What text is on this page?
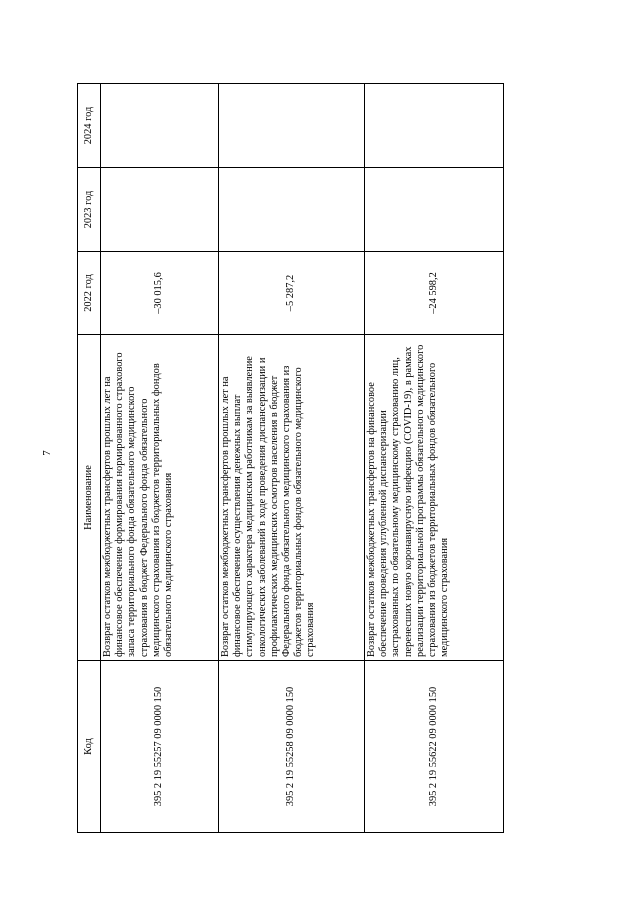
7
Код	Наименование	2022 год	2023 год	2024 год
395 2 19 55257 09 0000 150	Возврат остатков межбюджетных трансфертов прошлых лет на финансовое обеспечение формирования нормированного страхового запаса территориального фонда обязательного медицинского страхования в бюджет Федерального фонда обязательного медицинского страхования из бюджетов территориальных фондов обязательного медицинского страхования	–30 015,6		
395 2 19 55258 09 0000 150	Возврат остатков межбюджетных трансфертов прошлых лет на финансовое обеспечение осуществления денежных выплат стимулирующего характера медицинским работникам за выявление онкологических заболеваний в ходе проведения диспансеризации и профилактических медицинских осмотров населения в бюджет Федерального фонда обязательного медицинского страхования из бюджетов территориальных фондов обязательного медицинского страхования	–5 287,2		
395 2 19 55622 09 0000 150	Возврат остатков межбюджетных трансфертов на финансовое обеспечение проведения углубленной диспансеризации застрахованных по обязательному медицинскому страхованию лиц, перенесших новую коронавирусную инфекцию (COVID-19), в рамках реализации территориальной программы обязательного медицинского страхования из бюджетов территориальных фондов обязательного медицинского страхования	–24 598,2		
